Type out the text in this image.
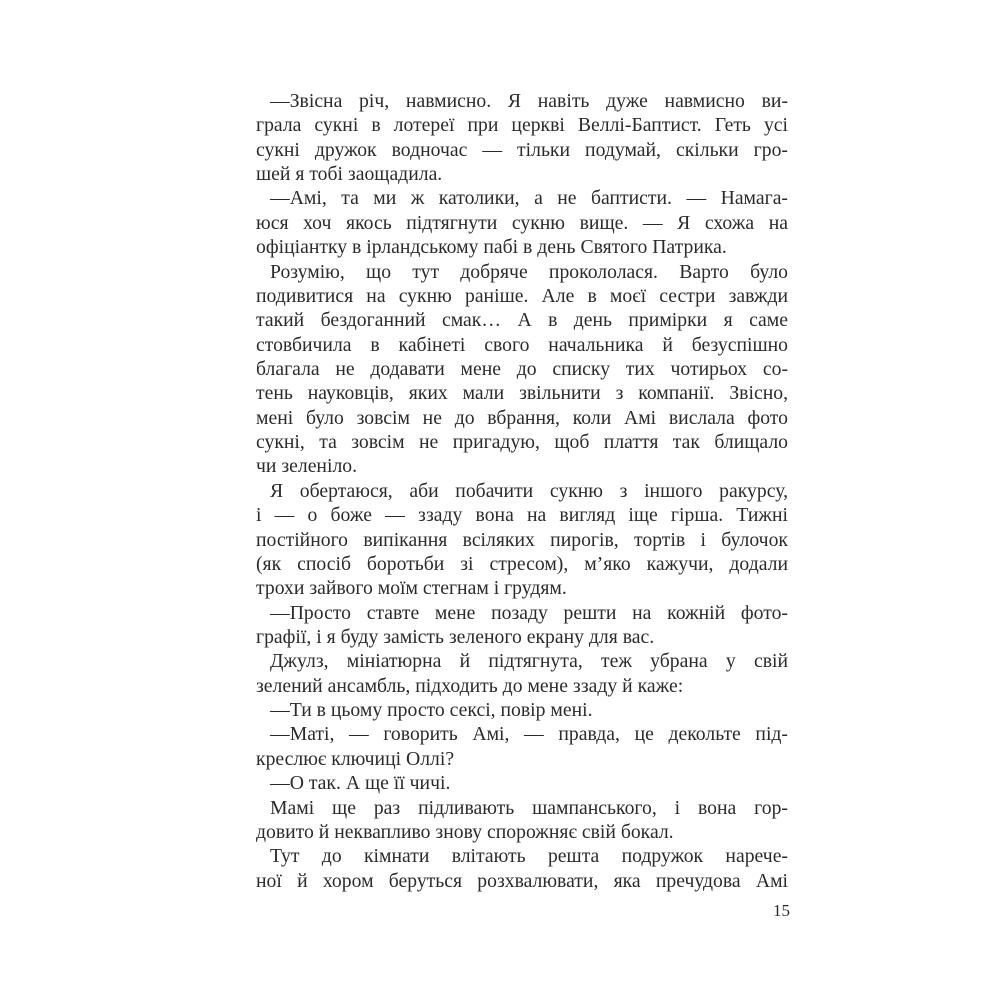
—Звісна річ, навмисно. Я навіть дуже навмисно ви-
грала сукні в лотереї при церкві Веллі-Баптист. Геть усі
сукні дружок водночас — тільки подумай, скільки гро-
шей я тобі заощадила.
—Амі, та ми ж католики, а не баптисти. — Намага-
юся хоч якось підтягнути сукню вище. — Я схожа на
офіціантку в ірландському пабі в день Святого Патрика.
Розумію, що тут добряче прокололася. Варто було
подивитися на сукню раніше. Але в моєї сестри завжди
такий бездоганний смак… А в день примірки я саме
стовбичила в кабінеті свого начальника й безуспішно
благала не додавати мене до списку тих чотирьох со-
тень науковців, яких мали звільнити з компанії. Звісно,
мені було зовсім не до вбрання, коли Амі вислала фото
сукні, та зовсім не пригадую, щоб плаття так блищало
чи зеленіло.
Я обертаюся, аби побачити сукню з іншого ракурсу,
і — о боже — ззаду вона на вигляд іще гірша. Тижні
постійного випікання всіляких пирогів, тортів і булочок
(як спосіб боротьби зі стресом), м’яко кажучи, додали
трохи зайвого моїм стегнам і грудям.
—Просто ставте мене позаду решти на кожній фото-
графії, і я буду замість зеленого екрану для вас.
Джулз, мініатюрна й підтягнута, теж убрана у свій
зелений ансамбль, підходить до мене ззаду й каже:
—Ти в цьому просто сексі, повір мені.
—Маті, — говорить Амі, — правда, це декольте під-
креслює ключиці Оллі?
—О так. А ще її чичі.
Мамі ще раз підливають шампанського, і вона гор-
довито й неквапливо знову спорожняє свій бокал.
Тут до кімнати влітають решта подружок нарече-
ної й хором беруться розхвалювати, яка пречудова Амі
15
